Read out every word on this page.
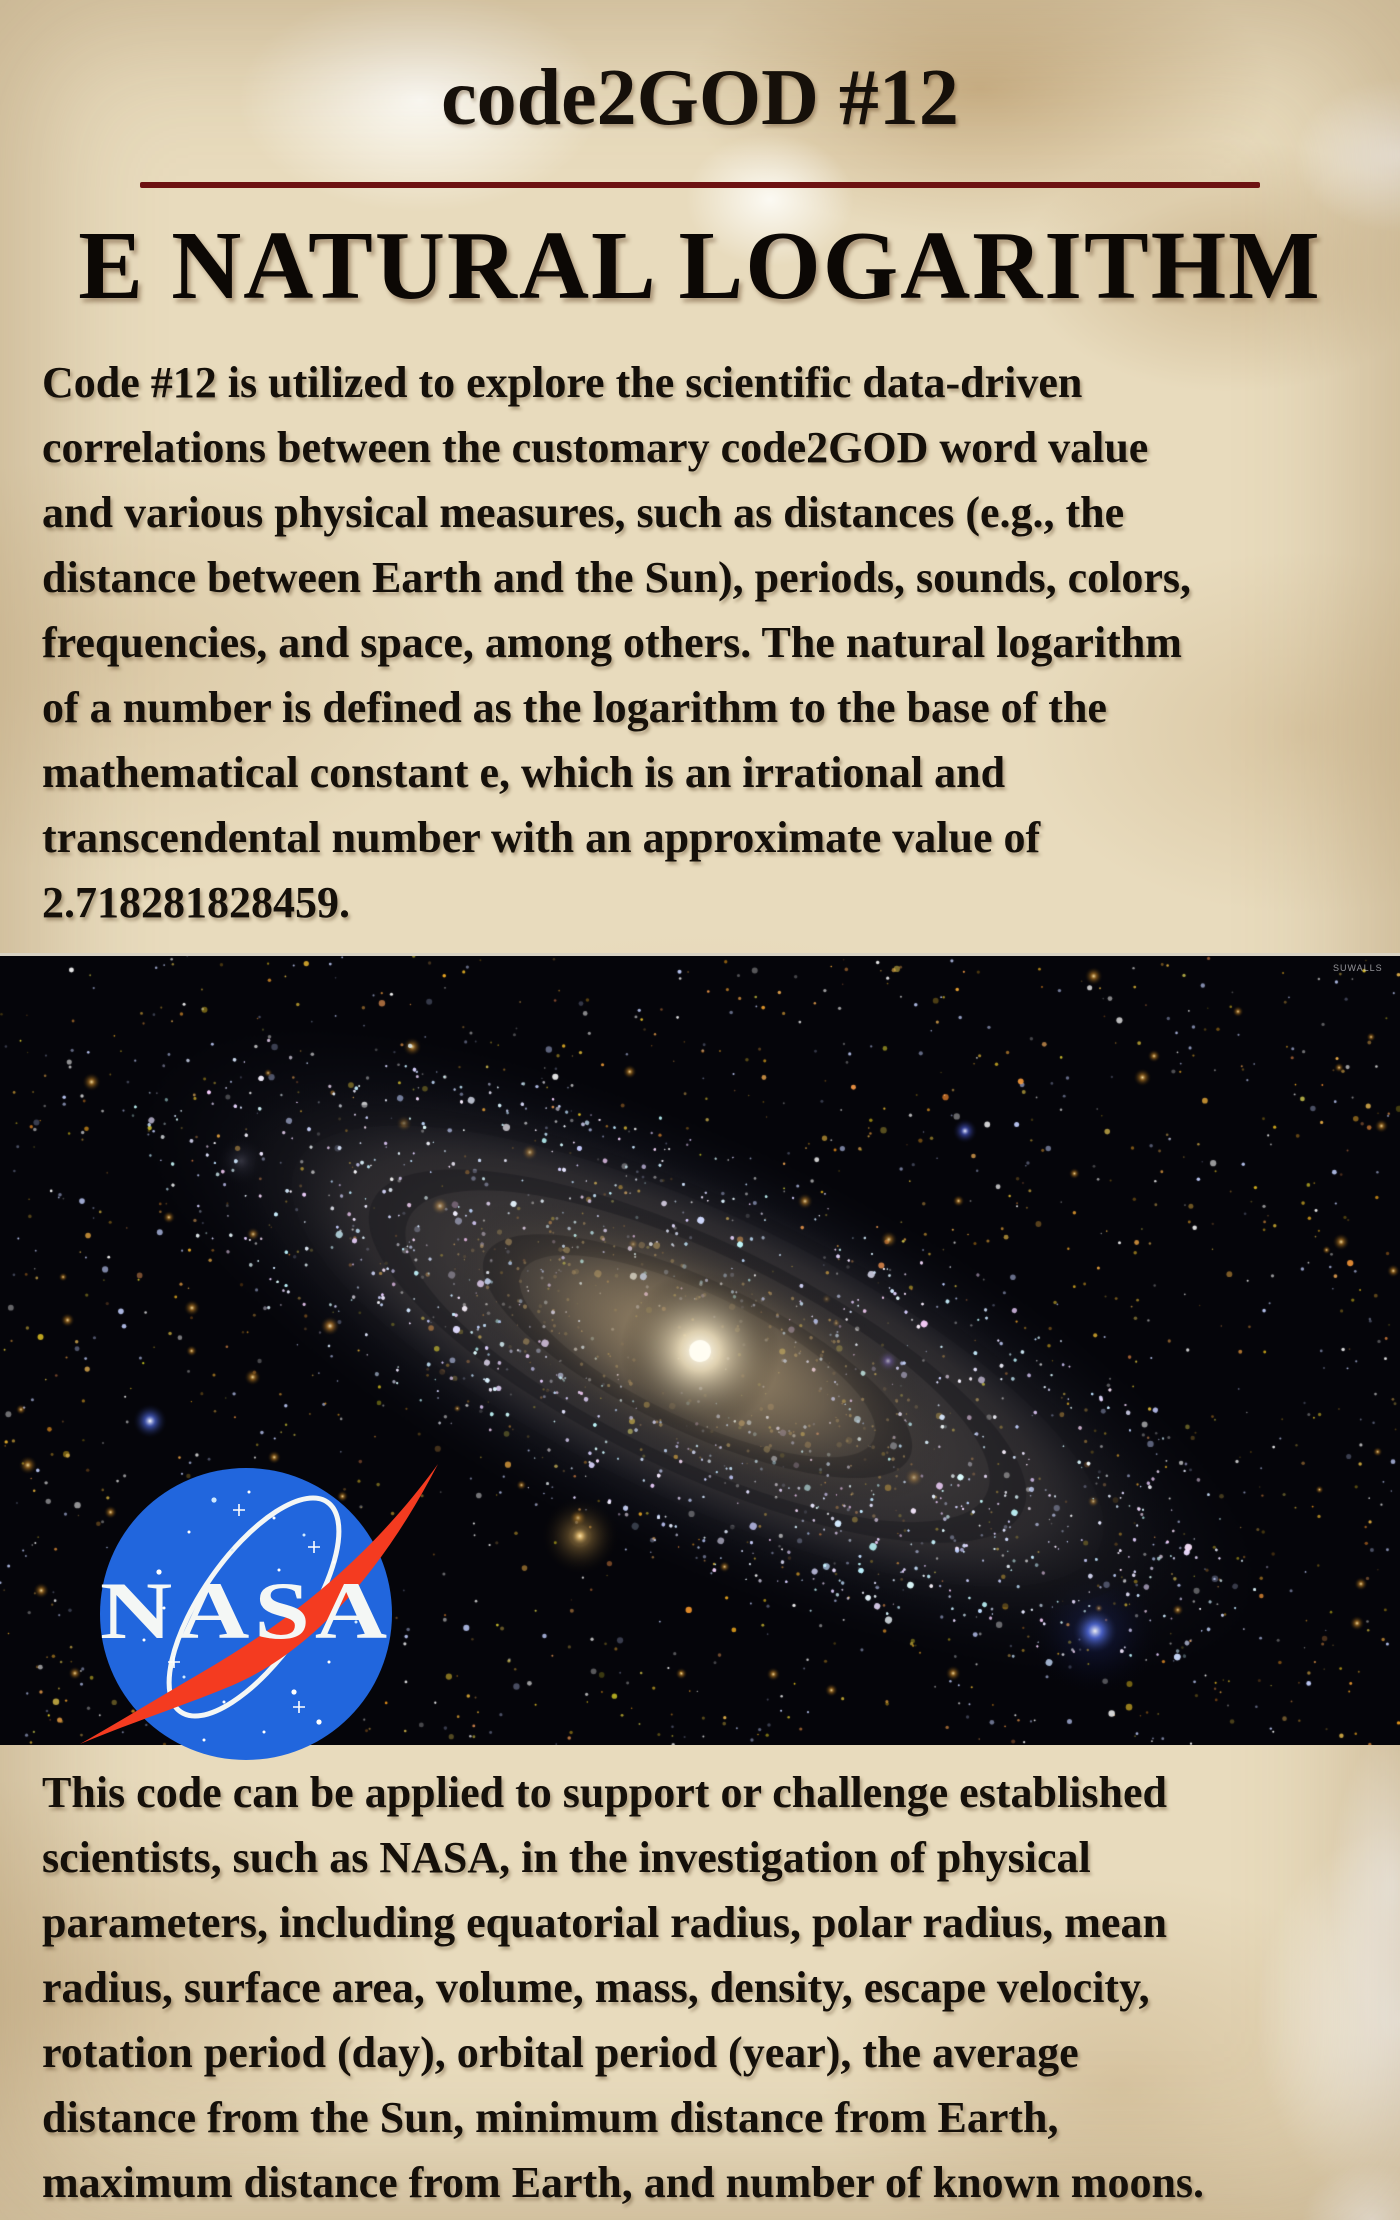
code2GOD #12
E NATURAL LOGARITHM
Code #12 is utilized to explore the scientific data-driven
correlations between the customary code2GOD word value
and various physical measures, such as distances (e.g., the
distance between Earth and the Sun), periods, sounds, colors,
frequencies, and space, among others. The natural logarithm
of a number is defined as the logarithm to the base of the
mathematical constant e, which is an irrational and
transcendental number with an approximate value of
2.718281828459.
SUWALLS
NASA
This code can be applied to support or challenge established
scientists, such as NASA, in the investigation of physical
parameters, including equatorial radius, polar radius, mean
radius, surface area, volume, mass, density, escape velocity,
rotation period (day), orbital period (year), the average
distance from the Sun, minimum distance from Earth,
maximum distance from Earth, and number of known moons.
